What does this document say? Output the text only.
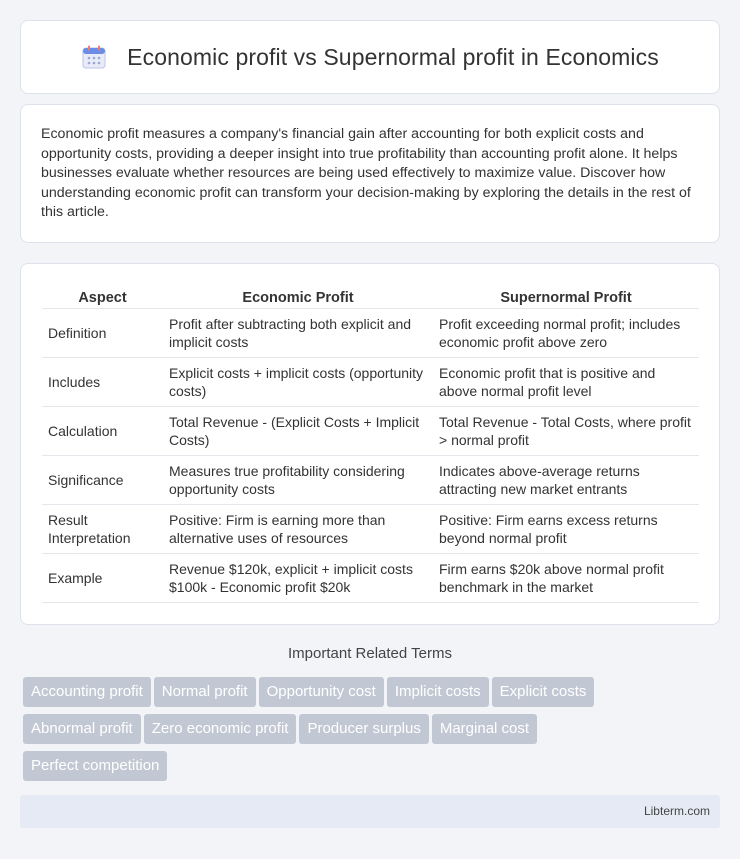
Economic profit vs Supernormal profit in Economics

Economic profit measures a company's financial gain after accounting for both explicit costs and opportunity costs, providing a deeper insight into true profitability than accounting profit alone. It helps businesses evaluate whether resources are being used effectively to maximize value. Discover how understanding economic profit can transform your decision-making by exploring the details in the rest of this article.

Aspect	Economic Profit	Supernormal Profit
Definition	Profit after subtracting both explicit and implicit costs	Profit exceeding normal profit; includes economic profit above zero
Includes	Explicit costs + implicit costs (opportunity costs)	Economic profit that is positive and above normal profit level
Calculation	Total Revenue - (Explicit Costs + Implicit Costs)	Total Revenue - Total Costs, where profit > normal profit
Significance	Measures true profitability considering opportunity costs	Indicates above-average returns attracting new market entrants
Result Interpretation	Positive: Firm is earning more than alternative uses of resources	Positive: Firm earns excess returns beyond normal profit
Example	Revenue $120k, explicit + implicit costs $100k - Economic profit $20k	Firm earns $20k above normal profit benchmark in the market
Important Related Terms
Accounting profit Normal profit Opportunity cost Implicit costs Explicit costs
Abnormal profit Zero economic profit Producer surplus Marginal cost
Perfect competition
Libterm.com
